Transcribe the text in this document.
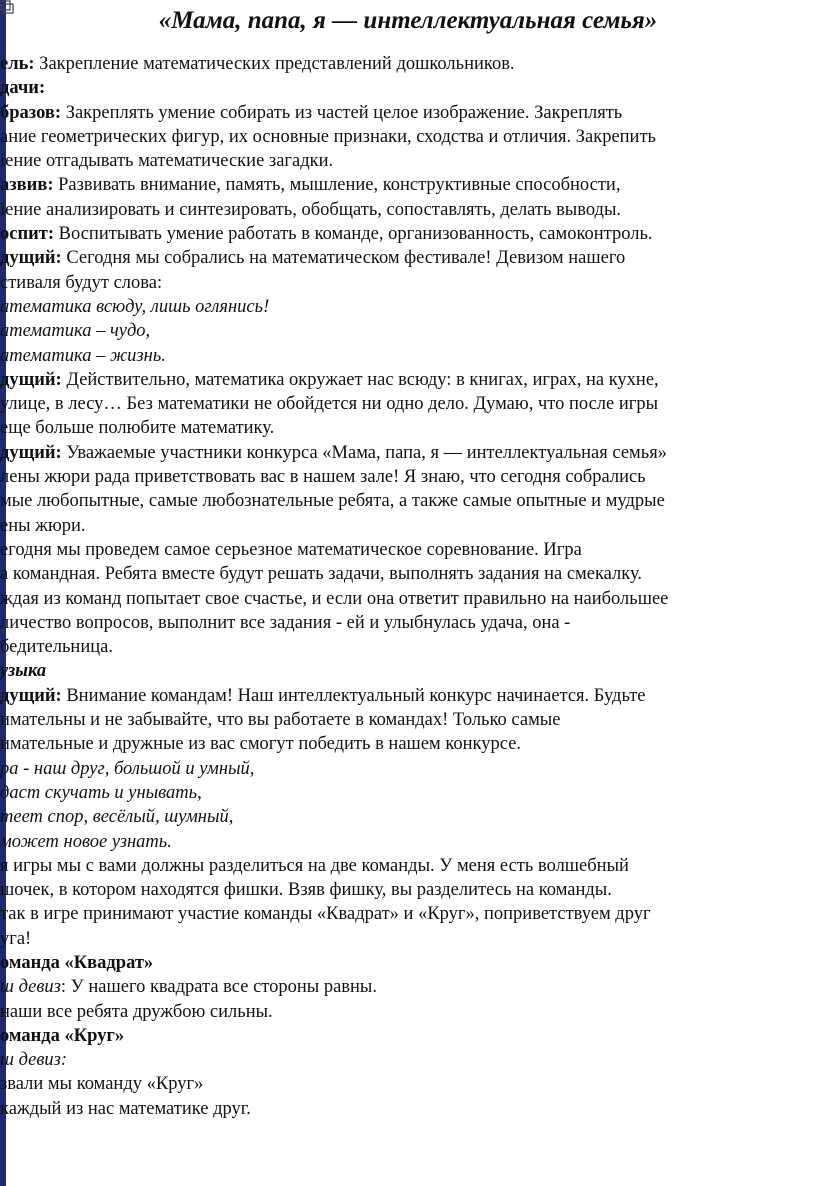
«Мама, папа, я — интеллектуальная семья»
ель: Закрепление математических представлений дошкольников.
дачи:
бразов: Закреплять умение собирать из частей целое изображение. Закреплять
ание геометрических фигур, их основные признаки, сходства и отличия. Закрепить
іение отгадывать математические загадки.
азвив: Развивать внимание, память, мышление, конструктивные способности,
іение анализировать и синтезировать, обобщать, сопоставлять, делать выводы.
оспит: Воспитывать умение работать в команде, организованность, самоконтроль.
дущий: Сегодня мы собрались на математическом фестивале! Девизом нашего
стиваля будут слова:
атематика всюду, лишь оглянись!
атематика – чудо,
атематика – жизнь.
дущий: Действительно, математика окружает нас всюду: в книгах, играх, на кухне,
улице, в лесу… Без математики не обойдется ни одно дело. Думаю, что после игры
еще больше полюбите математику.
дущий: Уважаемые участники конкурса «Мама, папа, я — интеллектуальная семья»
лены жюри рада приветствовать вас в нашем зале! Я знаю, что сегодня собрались
мые любопытные, самые любознательные ребята, а также самые опытные и мудрые
ены жюри.
егодня мы проведем самое серьезное математическое соревнование. Игра
а командная. Ребята вместе будут решать задачи, выполнять задания на смекалку.
ждая из команд попытает свое счастье, и если она ответит правильно на наибольшее
личество вопросов, выполнит все задания - ей и улыбнулась удача, она -
бедительница.
узыка
дущий: Внимание командам! Наш интеллектуальный конкурс начинается. Будьте
имательны и не забывайте, что вы работаете в командах! Только самые
имательные и дружные из вас смогут победить в нашем конкурсе.
ра - наш друг, большой и умный,
даст скучать и унывать,
теет спор, весёлый, шумный,
может новое узнать.
я игры мы с вами должны разделиться на две команды. У меня есть волшебный
шочек, в котором находятся фишки. Взяв фишку, вы разделитесь на команды.
так в игре принимают участие команды «Квадрат» и «Круг», поприветствуем друг
уга!
оманда «Квадрат»
ш девиз: У нашего квадрата все стороны равны.
наши все ребята дружбою сильны.
оманда «Круг»
ш девиз:
звали мы команду «Круг»
каждый из нас математике друг.
